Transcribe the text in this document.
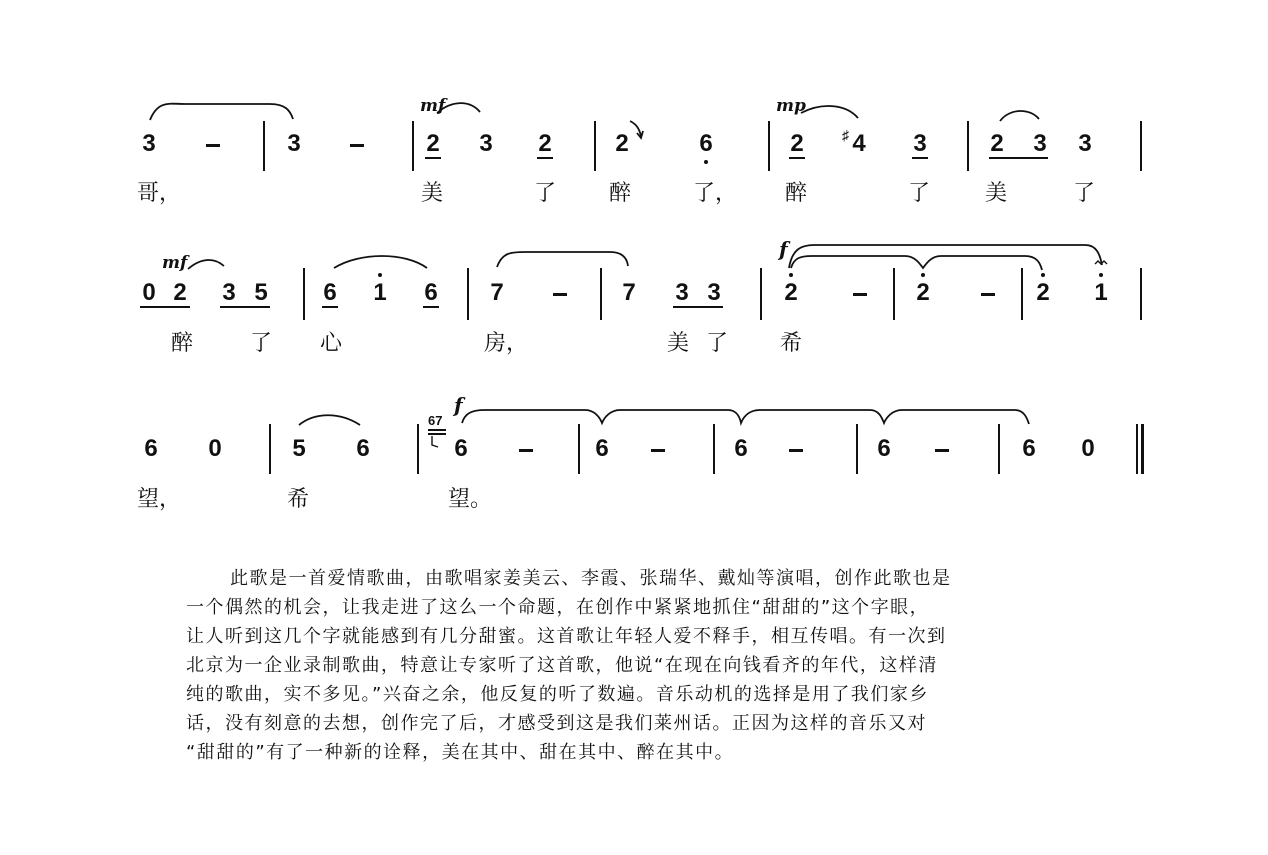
3	3	2 3 2	2	6	2	♯ 4 3	2 3 3
mf	mp
哥，	美	了 醉	了， 醉	了 美	了
0 2 3 5 6 1 6 7	7 3 3	2	2	2 1
mf
f
醉	了 心	房，	美 了 希
6 0	5 6
67
6	6	6	6	6 0
f
望，	希	望。

此歌是一首爱情歌曲，由歌唱家姜美云、李霞、张瑞华、戴灿等演唱，创作此歌也是

一个偶然的机会，让我走进了这么一个命题，在创作中紧紧地抓住“甜甜的”这个字眼，

让人听到这几个字就能感到有几分甜蜜。这首歌让年轻人爱不释手，相互传唱。有一次到

北京为一企业录制歌曲，特意让专家听了这首歌，他说“在现在向钱看齐的年代，这样清

纯的歌曲，实不多见。”兴奋之余，他反复的听了数遍。音乐动机的选择是用了我们家乡

话，没有刻意的去想，创作完了后，才感受到这是我们莱州话。正因为这样的音乐又对

“甜甜的”有了一种新的诠释，美在其中、甜在其中、醉在其中。
